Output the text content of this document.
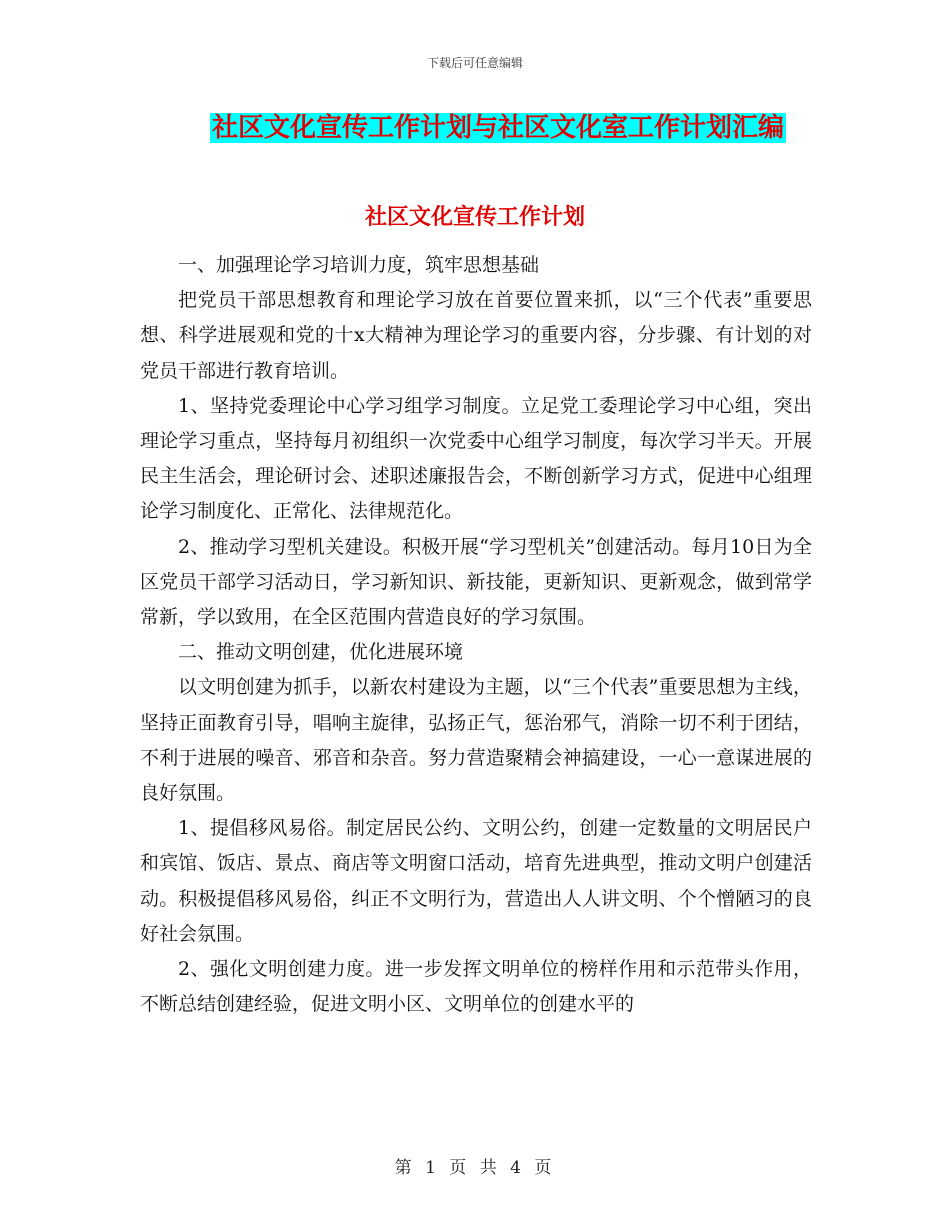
下载后可任意编辑
社区文化宣传工作计划与社区文化室工作计划汇编
社区文化宣传工作计划

一、加强理论学习培训力度，筑牢思想基础

把党员干部思想教育和理论学习放在首要位置来抓，以“三个代表”重要思想、科学进展观和党的十x大精神为理论学习的重要内容，分步骤、有计划的对党员干部进行教育培训。

1、坚持党委理论中心学习组学习制度。立足党工委理论学习中心组，突出理论学习重点，坚持每月初组织一次党委中心组学习制度，每次学习半天。开展民主生活会，理论研讨会、述职述廉报告会，不断创新学习方式，促进中心组理论学习制度化、正常化、法律规范化。

2、推动学习型机关建设。积极开展“学习型机关”创建活动。每月10日为全区党员干部学习活动日，学习新知识、新技能，更新知识、更新观念，做到常学常新，学以致用，在全区范围内营造良好的学习氛围。

二、推动文明创建，优化进展环境

以文明创建为抓手，以新农村建设为主题，以“三个代表”重要思想为主线，坚持正面教育引导，唱响主旋律，弘扬正气，惩治邪气，消除一切不利于团结，不利于进展的噪音、邪音和杂音。努力营造聚精会神搞建设，一心一意谋进展的良好氛围。

1、提倡移风易俗。制定居民公约、文明公约，创建一定数量的文明居民户和宾馆、饭店、景点、商店等文明窗口活动，培育先进典型，推动文明户创建活动。积极提倡移风易俗，纠正不文明行为，营造出人人讲文明、个个憎陋习的良好社会氛围。

2、强化文明创建力度。进一步发挥文明单位的榜样作用和示范带头作用，不断总结创建经验，促进文明小区、文明单位的创建水平的

第 1 页 共 4 页
